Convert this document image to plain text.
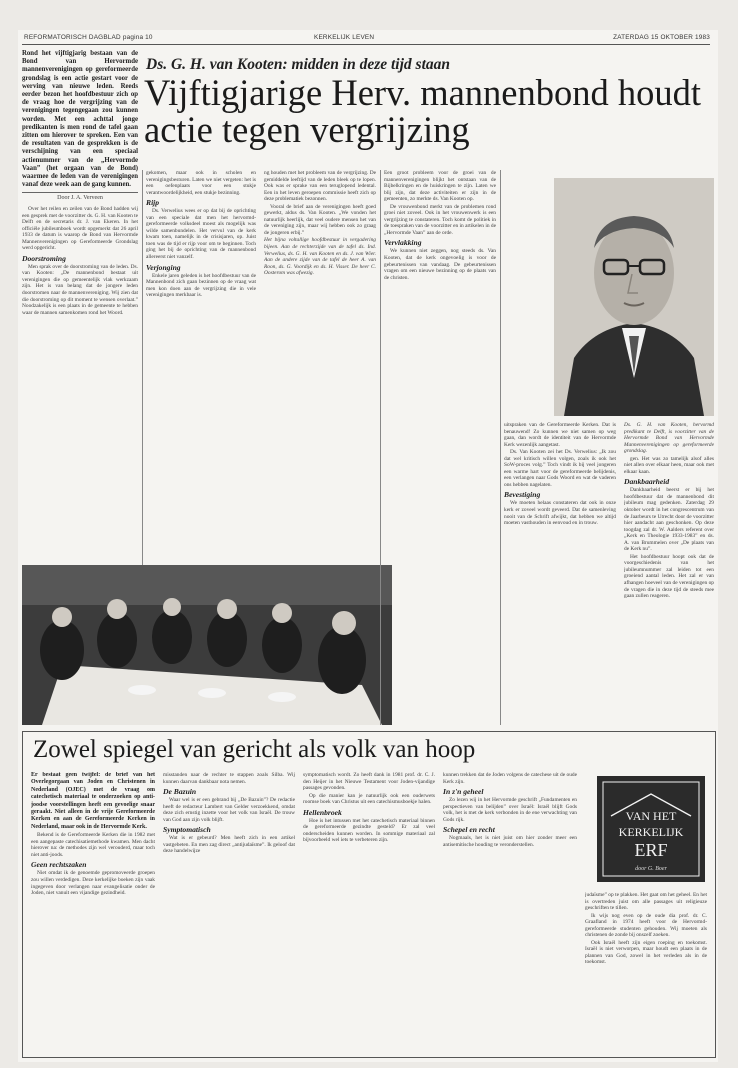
REFORMATORISCH DAGBLAD pagina 10	KERKELIJK LEVEN	ZATERDAG 15 OKTOBER 1983

Rond het vijftigjarig bestaan van de Bond van Hervormde mannenverenigingen op gereformeerde grondslag is een actie gestart voor de werving van nieuwe leden. Reeds eerder bezon het hoofdbestuur zich op de vraag hoe de vergrijzing van de verenigingen tegengegaan zou kunnen worden. Met een achttal jonge predikanten is men rond de tafel gaan zitten om hierover te spreken. Een van de resultaten van de gesprekken is de verschijning van een speciaal actienummer van de „Hervormde Vaan” (het orgaan van de Bond) waarmee de leden van de verenigingen vanaf deze week aan de gang kunnen.

Door J. A. Verveen

Over het reilen en zeilen van de Bond hadden wij een gesprek met de voorzitter ds. G. H. van Kooten te Delft en de secretaris dr. J. van Ekeren. In het officiële jubileumboek wordt opgemerkt dat 26 april 1933 de datum is waarop de Bond van Hervormde Mannenverenigingen op Gereformeerde Grondslag werd opgericht.

Doorstroming

Men sprak over de doorstroming van de leden. Ds. van Kooten: „De mannenbond bestaat uit verenigingen die op gemeentelijk vlak werkzaam zijn. Het is van belang dat de jongere leden doorstromen naar de mannenvereniging. Wij zien dat die doorstroming op dit moment te wensen overlaat.” Noodzakelijk is een plaats in de gemeente te hebben waar de mannen samenkomen rond het Woord.

Ds. G. H. van Kooten: midden in deze tijd staan
Vijftigjarige Herv. mannenbond houdt actie tegen vergrijzing

gekomen, maar ook in scholen en verenigingsbesturen. Laten we niet vergeten: het is een oefenplaats voor een stukje verantwoordelijkheid, een stukje bezinning.

Rijp

Ds. Verwelius wees er op dat bij de oprichting van een speciale dat men het hervormd-gereformeerde volksdeel moest als mogelijk was wilde samenbundelen. Het vervul van de kerk kwam toen, namelijk in de crisisjaren, op. Juist toen was de tijd er rijp voor om te beginnen. Toch ging het bij de oprichting van de mannenbond allereerst niet vanzelf.

Verjonging

Enkele jaren geleden is het hoofdbestuur van de Mannenbond zich gaan bezinnen op de vraag wat men kon doen aan de vergrijzing die in vele verenigingen merkbaar is.

ng houden met het probleem van de vergrijzing. De gemiddelde leeftijd van de leden bleek op te lopen. Ook was er sprake van een teruglopend ledental. Een in het leven geroepen commissie heeft zich op deze problematiek bezonnen.

Vooral de brief aan de verenigingen heeft goed gewerkt, aldus ds. Van Kooten. „We vonden het natuurlijk heerlijk, dat veel oudere mensen het van de vereniging zijn, maar wij hebben ook zo graag de jongeren erbij.”

Het bijna voltallige hoofdbestuur in vergadering bijeen. Aan de rechterzijde van de tafel ds. Ind. Verwelius, ds. G. H. van Kooten en ds. J. van Wier. Aan de andere zijde van de tafel de heer A. van Roon, ds. G. Voordijk en ds. H. Visser. De heer C. Oosterom was afwezig.

Een groot probleem voor de groei van de mannenverenigingen blijkt het ontstaan van de Bijbelkringen en de huiskringen te zijn. Laten we blij zijn, dat deze activiteiten er zijn in de gemeenten, zo merkte ds. Van Kooten op.

De vrouwenbond merkt van de problemen rond groei niet zoveel. Ook in het vrouwenwerk is een vergrijzing te constateren. Toch komt de politiek in de toespraken van de voorzitter en in artikelen in de „Hervormde Vaan” aan de orde.

Vervlakking

We kunnen niet zeggen, nog steeds ds. Van Kooten, dat de kerk ongevoelig is voor de gebeurtenissen van vandaag. De gebeurtenissen vragen om een nieuwe bezinning op de plaats van de christen.

uitspraken van de Gereformeerde Kerken. Dat is benauwend! Zo kunnen we niet samen op weg gaan, dan wordt de identiteit van de Hervormde Kerk wezenlijk aangetast.

Ds. Van Kooten zei het Ds. Verwelius: „Ik zou dat wel kritisch willen volgen, zoals ik ook het SoW-proces volg.” Toch vindt ik bij veel jongeren een warme hart voor de gereformeerde belijdenis, een verlangen naar Gods Woord en wat de vaderen ons hebben nagelaten.

Bevestiging

We moeten helaas constateren dat ook in onze kerk er zoveel wordt geveerd. Dat de samenleving nooit van de Schrift afwijkt, dat hebben we altijd moeten vasthouden in eenvoud en in trouw.

Ds. G. H. van Kooten, hervormd predikant te Delft, is voorzitter van de Hervormde Bond van Hervormde Mannenverenigingen op gereformeerde grondslag.

gen. Het was zo tamelijk alsof alles niet allen over elkaar heen, maar ook met elkaar kaan.

Dankbaarheid

Dankbaarheid beerst er bij het hoofdbestuur dat de mannenbond dit jubileum mag gedenken. Zaterdag 29 oktober wordt in het congrescentrum van de Jaarbeurs te Utrecht door de voorzitter hier aandacht aan geschonken. Op deze toogdag zal dr. W. Aalders referent over „Kerk en Theologie 1933-1983” en ds. A. van Brummelen over „De plaats van de Kerk nu”.

Het hoofdbestuur hoopt ook dat de voorgeschiedenis van het jubileumnummer zal leiden tot een groeiend aantal leden. Het zal er van afhangen hoeveel van de verenigingen op de vragen die in deze tijd de steeds mee gaan zullen reageren.

Zowel spiegel van gericht als volk van hoop

Er bestaat geen twijfel: de brief van het Overlegorgaan van Joden en Christenen in Nederland (OJEC) met de vraag om catechetisch materiaal te onderzoeken op anti-joodse voorstellingen heeft een gevoelige snaar geraakt. Niet alleen in de vrije Gereformeerde Kerken en aan de Gereformeerde Kerken in Nederland, maar ook in de Hervormde Kerk.

Bekend is de Gereformeerde Kerken die in 1982 met een aangepaste catechisatiemethode kwamen. Men dacht hierover na: de methodes zijn wel verouderd, maar toch niet anti-joods.

Geen rechtszaken

Niet omdat ik de genoemde gepromoveerde groepen zou willen verdedigen. Deze kerkelijke boeken zijn vaak ingegeven door verlangen naar evangelisatie onder de Joden, niet vanuit een vijandige gezindheid.

misstanden naar de rechter te stappen zoals Silba. Wij kunnen daarvan dankbaar nota nemen.

De Bazuin

Waar wel is er een gebrand bij „De Bazuin”? De redactie heeft de redacteur Lambert van Gelder verzoekkend, omdat deze zich ernstig inzette voor het volk van Israël. De trouw van God aan zijn volk blijft.

Symptomatisch

Wat is er gebeurd? Men heeft zich in een artikel vastgebeten. En men zag direct „antijudaïsme”. Ik geloof dat deze handelwijze

symptomatisch wordt. Zo heeft dank in 1981 prof. dr. C. J. den Heijer in het Nieuwe Testament voor Joden-vijandige passages gevonden.

Op die manier kan je natuurlijk ook een ouderwets roomse boek van Christus uit een catechismusboekje halen.

Hellenbroek

Hoe is het intussen met het catechetisch materiaal binnen de gereformeerde gezindte gesteld? Er zal veel onderscheiden kunnen worden. In sommige materiaal zal bijvoorbeeld wel iets te verbeteren zijn.

kunnen trekken dat de Joden volgens de catechese uit de oude Kerk zijn.

In z'n geheel

Zo lezen wij in het Hervormde geschrift „Fundamenten en perspectieven van belijden” over Israël: Israël blijft Gods volk, het is met de kerk verbonden in de ene verwachting van Gods rijk.

Schepel en recht

Nogmaals, het is niet juist om hier zonder meer een antisemitische houding te veronderstellen.

VAN HET
KERKELIJK
ERF
door G. Boer

judaïsme” op te plakken. Het gaat om het geheel. En het is overtreden juist om alle passages uit religieuze geschriften te tillen.

Ik wijs nog even op de oude dia prof. dr. C. Graafland in 1974 heeft voor de Hervormd-gereformeerde studenten gehouden. Wij moeten als christenen de zonde bij onszelf zoeken.

Ook Israël heeft zijn eigen roeping en toekomst. Israël is niet verworpen, maar houdt een plaats in de plannen van God, zowel in het verleden als in de toekomst.
